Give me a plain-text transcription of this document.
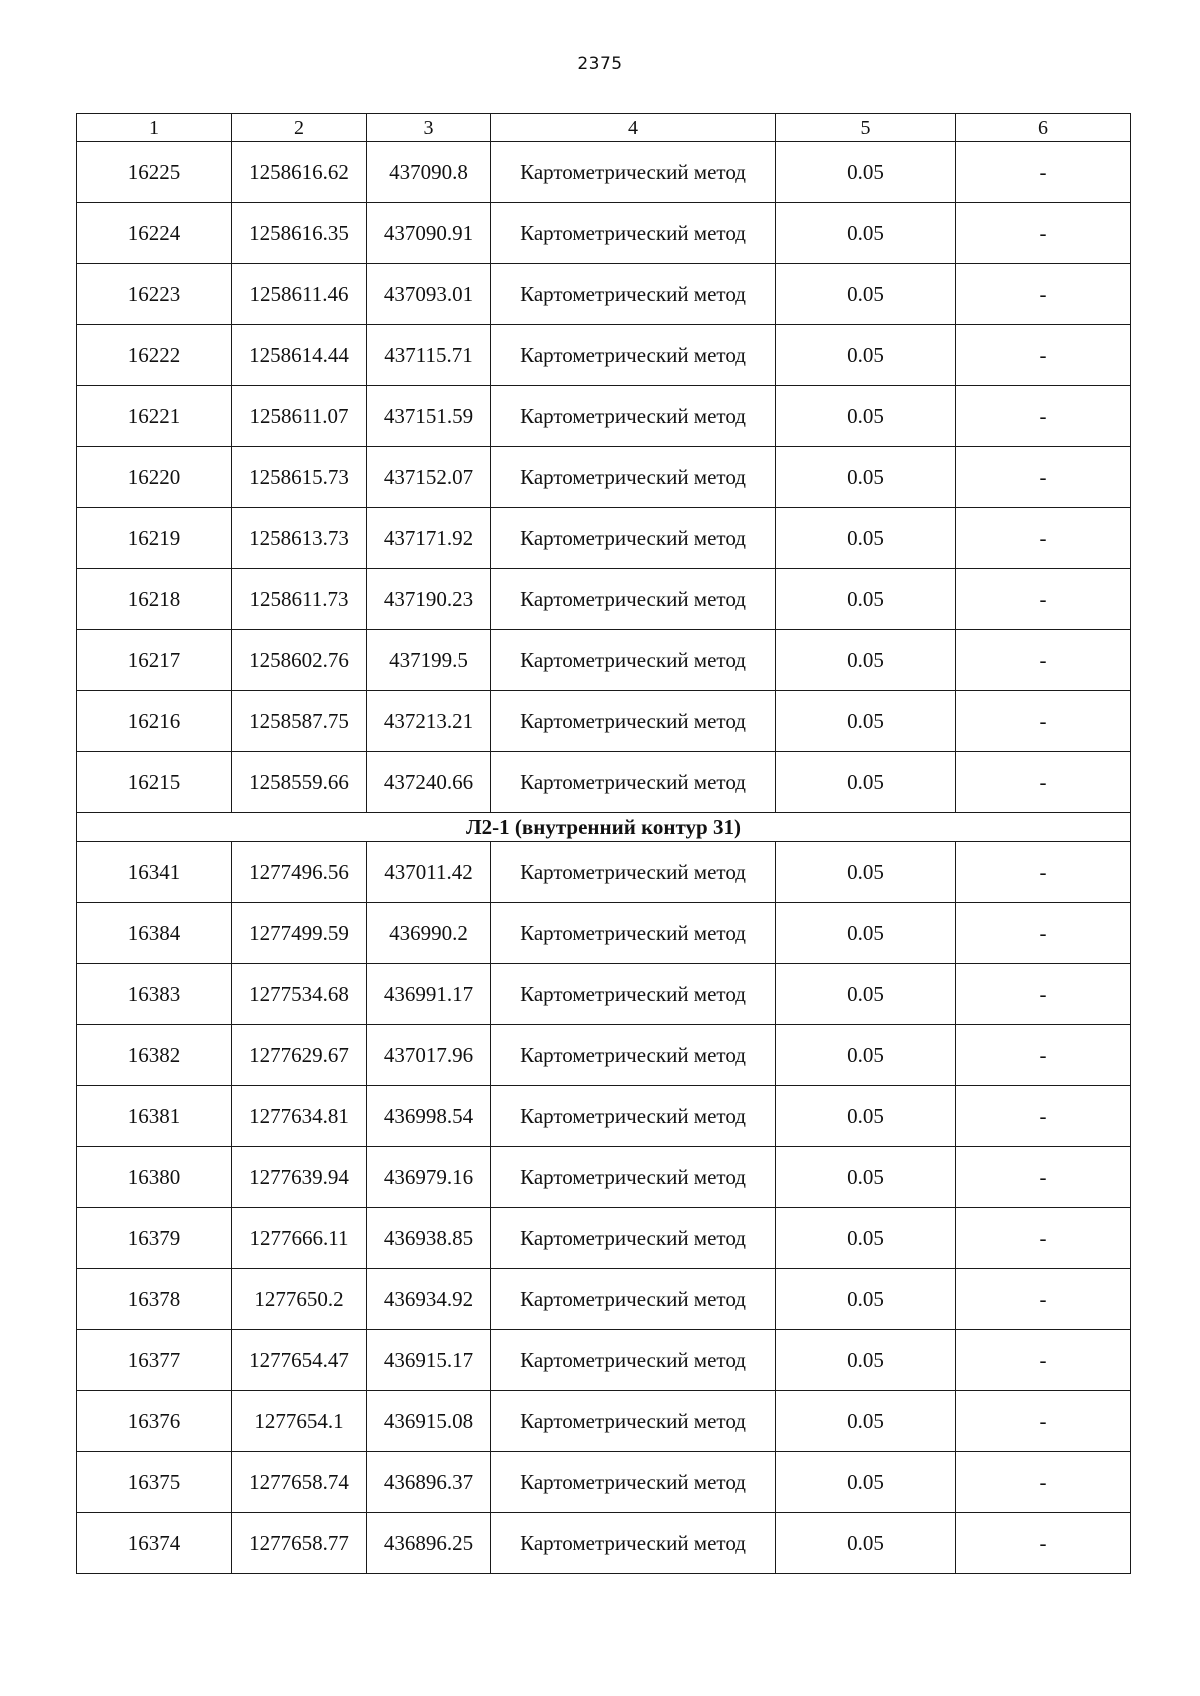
2375
1	2	3	4	5	6
16225	1258616.62	437090.8	Картометрический метод	0.05	-
16224	1258616.35	437090.91	Картометрический метод	0.05	-
16223	1258611.46	437093.01	Картометрический метод	0.05	-
16222	1258614.44	437115.71	Картометрический метод	0.05	-
16221	1258611.07	437151.59	Картометрический метод	0.05	-
16220	1258615.73	437152.07	Картометрический метод	0.05	-
16219	1258613.73	437171.92	Картометрический метод	0.05	-
16218	1258611.73	437190.23	Картометрический метод	0.05	-
16217	1258602.76	437199.5	Картометрический метод	0.05	-
16216	1258587.75	437213.21	Картометрический метод	0.05	-
16215	1258559.66	437240.66	Картометрический метод	0.05	-
Л2-1 (внутренний контур 31)					
16341	1277496.56	437011.42	Картометрический метод	0.05	-
16384	1277499.59	436990.2	Картометрический метод	0.05	-
16383	1277534.68	436991.17	Картометрический метод	0.05	-
16382	1277629.67	437017.96	Картометрический метод	0.05	-
16381	1277634.81	436998.54	Картометрический метод	0.05	-
16380	1277639.94	436979.16	Картометрический метод	0.05	-
16379	1277666.11	436938.85	Картометрический метод	0.05	-
16378	1277650.2	436934.92	Картометрический метод	0.05	-
16377	1277654.47	436915.17	Картометрический метод	0.05	-
16376	1277654.1	436915.08	Картометрический метод	0.05	-
16375	1277658.74	436896.37	Картометрический метод	0.05	-
16374	1277658.77	436896.25	Картометрический метод	0.05	-
